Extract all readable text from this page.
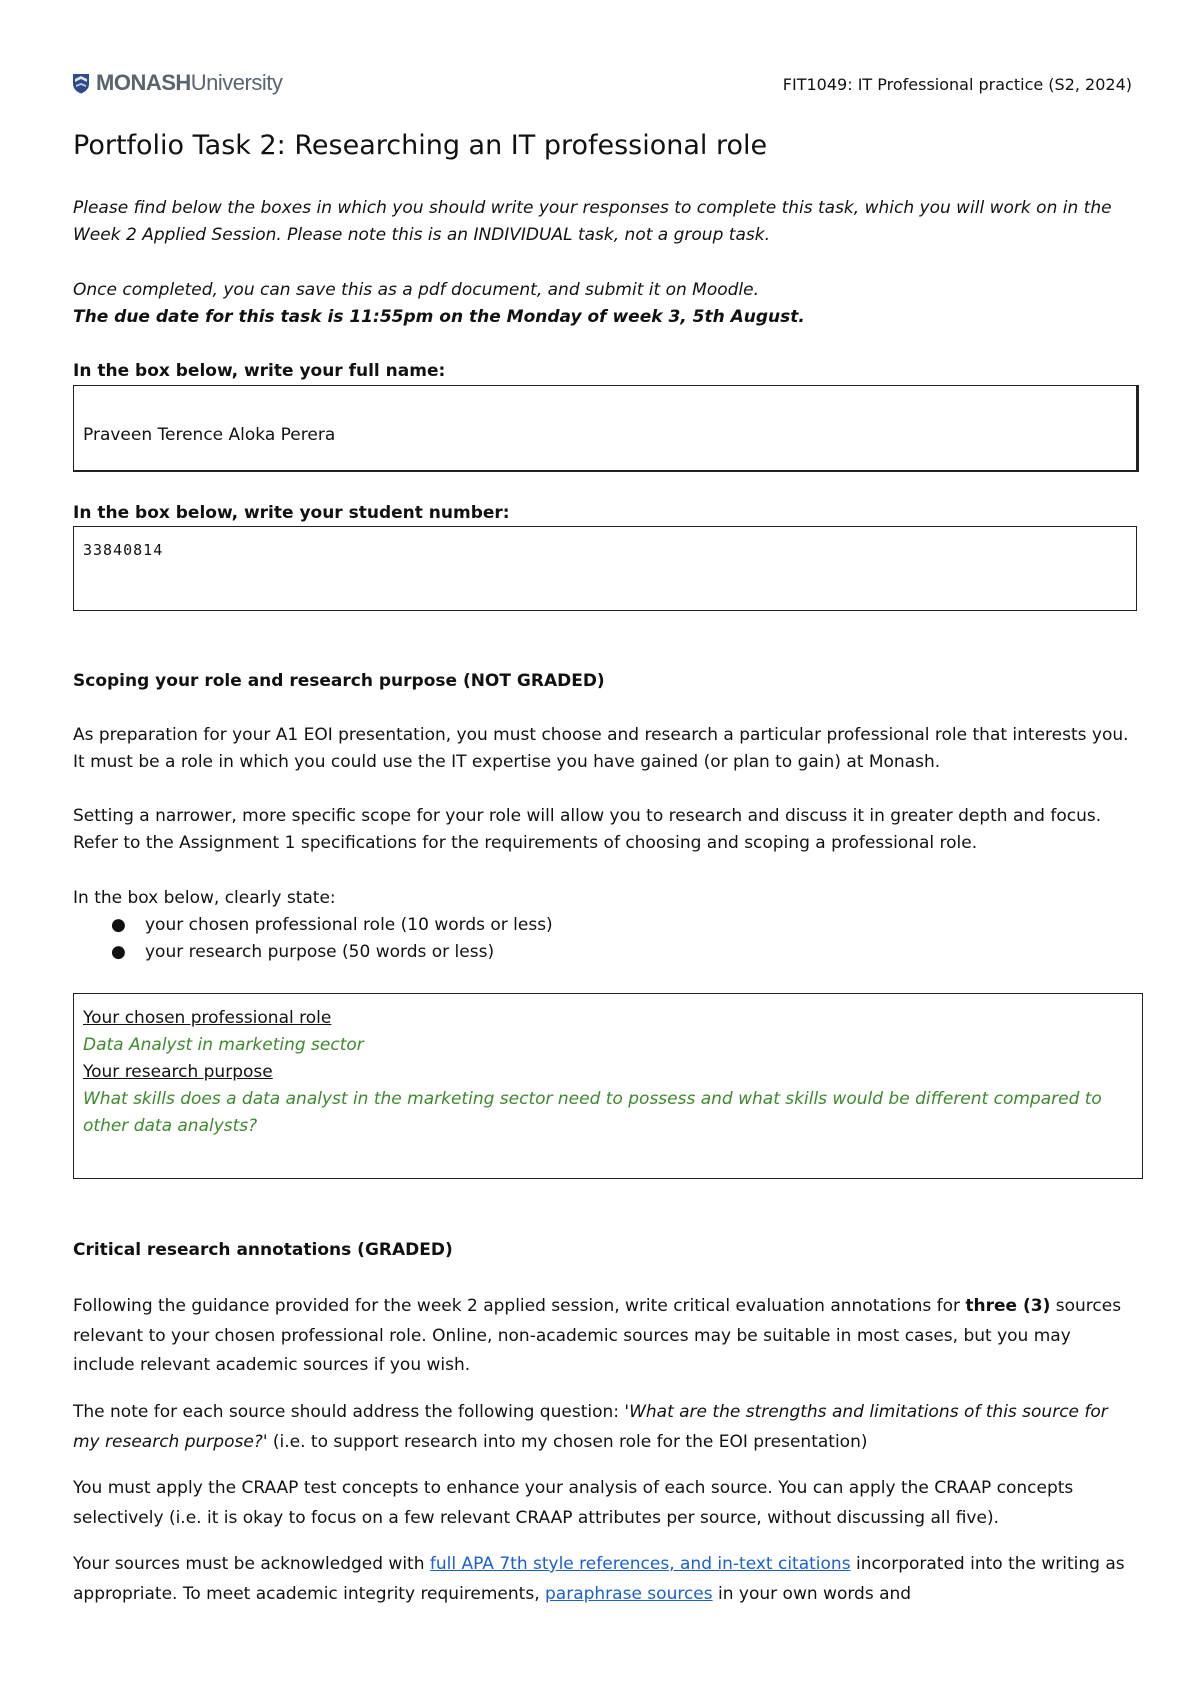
MONASHUniversity	FIT1049: IT Professional practice (S2, 2024)
Portfolio Task 2: Researching an IT professional role

Please find below the boxes in which you should write your responses to complete this task, which you will work on in the Week 2 Applied Session. Please note this is an INDIVIDUAL task, not a group task.

Once completed, you can save this as a pdf document, and submit it on Moodle.

The due date for this task is 11:55pm on the Monday of week 3, 5th August.

In the box below, write your full name:

Praveen Terence Aloka Perera

In the box below, write your student number:

33840814

Scoping your role and research purpose (NOT GRADED)

As preparation for your A1 EOI presentation, you must choose and research a particular professional role that interests you. It must be a role in which you could use the IT expertise you have gained (or plan to gain) at Monash.

Setting a narrower, more specific scope for your role will allow you to research and discuss it in greater depth and focus. Refer to the Assignment 1 specifications for the requirements of choosing and scoping a professional role.

In the box below, clearly state:

● your chosen professional role (10 words or less)
● your research purpose (50 words or less)
Your chosen professional role
Data Analyst in marketing sector
Your research purpose
What skills does a data analyst in the marketing sector need to possess and what skills would be different compared to other data analysts?

Critical research annotations (GRADED)

Following the guidance provided for the week 2 applied session, write critical evaluation annotations for three (3) sources relevant to your chosen professional role. Online, non-academic sources may be suitable in most cases, but you may include relevant academic sources if you wish.

The note for each source should address the following question: 'What are the strengths and limitations of this source for my research purpose?' (i.e. to support research into my chosen role for the EOI presentation)

You must apply the CRAAP test concepts to enhance your analysis of each source. You can apply the CRAAP concepts selectively (i.e. it is okay to focus on a few relevant CRAAP attributes per source, without discussing all five).

Your sources must be acknowledged with full APA 7th style references, and in-text citations incorporated into the writing as appropriate. To meet academic integrity requirements, paraphrase sources in your own words and
